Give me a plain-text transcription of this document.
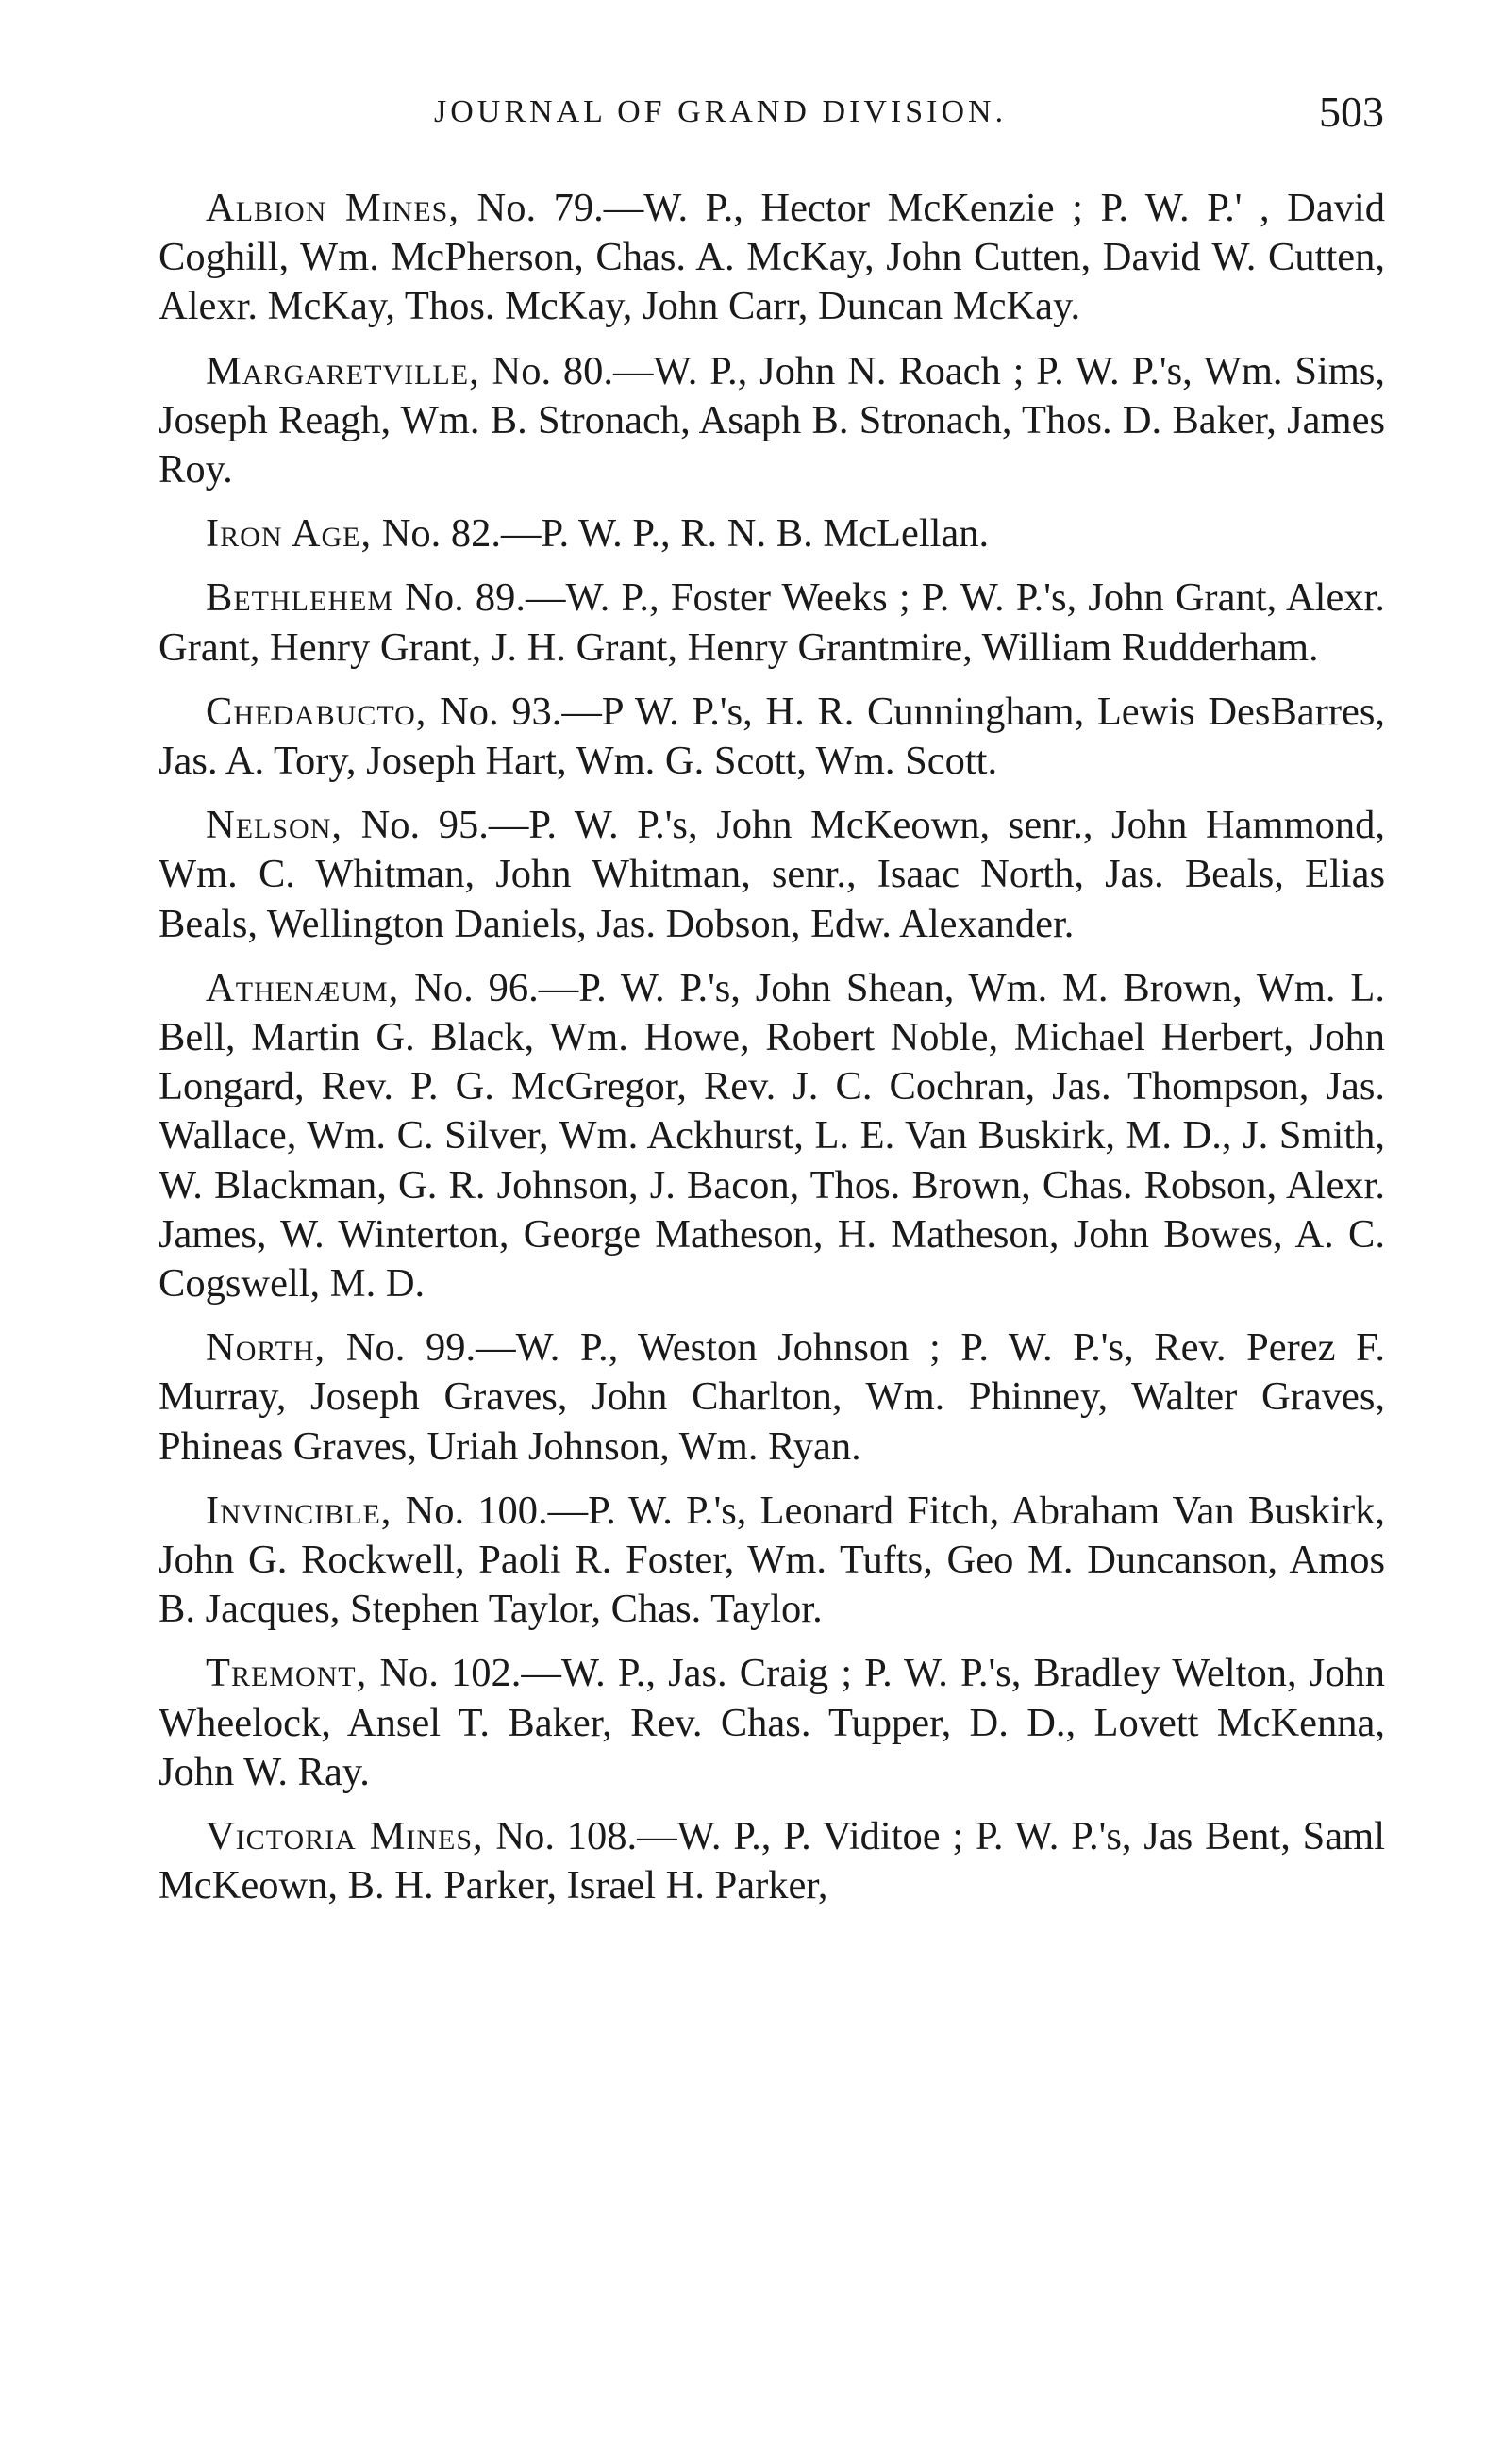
JOURNAL OF GRAND DIVISION.	503

Albion Mines, No. 79.—W. P., Hector McKenzie ; P. W. P.' , David Coghill, Wm. McPherson, Chas. A. McKay, John Cutten, David W. Cutten, Alexr. McKay, Thos. McKay, John Carr, Duncan McKay.

Margaretville, No. 80.—W. P., John N. Roach ; P. W. P.'s, Wm. Sims, Joseph Reagh, Wm. B. Stronach, Asaph B. Stronach, Thos. D. Baker, James Roy.

Iron Age, No. 82.—P. W. P., R. N. B. McLellan.

Bethlehem No. 89.—W. P., Foster Weeks ; P. W. P.'s, John Grant, Alexr. Grant, Henry Grant, J. H. Grant, Henry Grantmire, William Rudderham.

Chedabucto, No. 93.—P W. P.'s, H. R. Cunningham, Lewis DesBarres, Jas. A. Tory, Joseph Hart, Wm. G. Scott, Wm. Scott.

Nelson, No. 95.—P. W. P.'s, John McKeown, senr., John Hammond, Wm. C. Whitman, John Whitman, senr., Isaac North, Jas. Beals, Elias Beals, Wellington Daniels, Jas. Dobson, Edw. Alexander.

Athenæum, No. 96.—P. W. P.'s, John Shean, Wm. M. Brown, Wm. L. Bell, Martin G. Black, Wm. Howe, Robert Noble, Michael Herbert, John Longard, Rev. P. G. McGregor, Rev. J. C. Cochran, Jas. Thompson, Jas. Wallace, Wm. C. Silver, Wm. Ackhurst, L. E. Van Buskirk, M. D., J. Smith, W. Blackman, G. R. Johnson, J. Bacon, Thos. Brown, Chas. Robson, Alexr. James, W. Winterton, George Matheson, H. Matheson, John Bowes, A. C. Cogswell, M. D.

North, No. 99.—W. P., Weston Johnson ; P. W. P.'s, Rev. Perez F. Murray, Joseph Graves, John Charlton, Wm. Phinney, Walter Graves, Phineas Graves, Uriah Johnson, Wm. Ryan.

Invincible, No. 100.—P. W. P.'s, Leonard Fitch, Abraham Van Buskirk, John G. Rockwell, Paoli R. Foster, Wm. Tufts, Geo M. Duncanson, Amos B. Jacques, Stephen Taylor, Chas. Taylor.

Tremont, No. 102.—W. P., Jas. Craig ; P. W. P.'s, Bradley Welton, John Wheelock, Ansel T. Baker, Rev. Chas. Tupper, D. D., Lovett McKenna, John W. Ray.

Victoria Mines, No. 108.—W. P., P. Viditoe ; P. W. P.'s, Jas Bent, Saml McKeown, B. H. Parker, Israel H. Parker,
